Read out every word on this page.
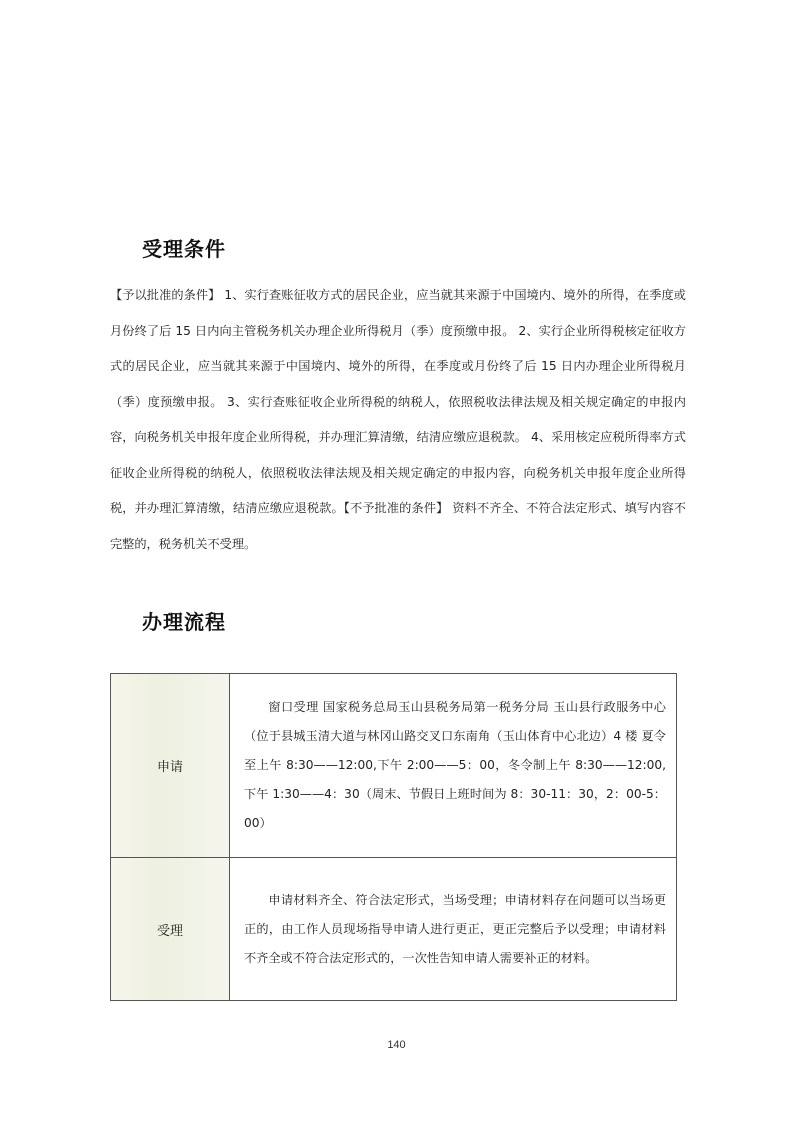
受理条件

【予以批准的条件】 1、实行查账征收方式的居民企业，应当就其来源于中国境内、境外的所得，在季度或月份终了后 15 日内向主管税务机关办理企业所得税月（季）度预缴申报。 2、实行企业所得税核定征收方式的居民企业，应当就其来源于中国境内、境外的所得，在季度或月份终了后 15 日内办理企业所得税月（季）度预缴申报。 3、实行查账征收企业所得税的纳税人，依照税收法律法规及相关规定确定的申报内容，向税务机关申报年度企业所得税，并办理汇算清缴，结清应缴应退税款。 4、采用核定应税所得率方式征收企业所得税的纳税人，依照税收法律法规及相关规定确定的申报内容，向税务机关申报年度企业所得税，并办理汇算清缴，结清应缴应退税款。【不予批准的条件】 资料不齐全、不符合法定形式、填写内容不完整的，税务机关不受理。

办理流程
申请	窗口受理 国家税务总局玉山县税务局第一税务分局 玉山县行政服务中心（位于县城玉清大道与林冈山路交叉口东南角（玉山体育中心北边）4 楼 夏令至上午 8:30——12:00,下午 2:00——5：00，冬令制上午 8:30——12:00,下午 1:30——4：30（周末、节假日上班时间为 8：30-11：30，2：00-5：00）

受理	申请材料齐全、符合法定形式，当场受理；申请材料存在问题可以当场更正的，由工作人员现场指导申请人进行更正，更正完整后予以受理；申请材料不齐全或不符合法定形式的，一次性告知申请人需要补正的材料。

140
